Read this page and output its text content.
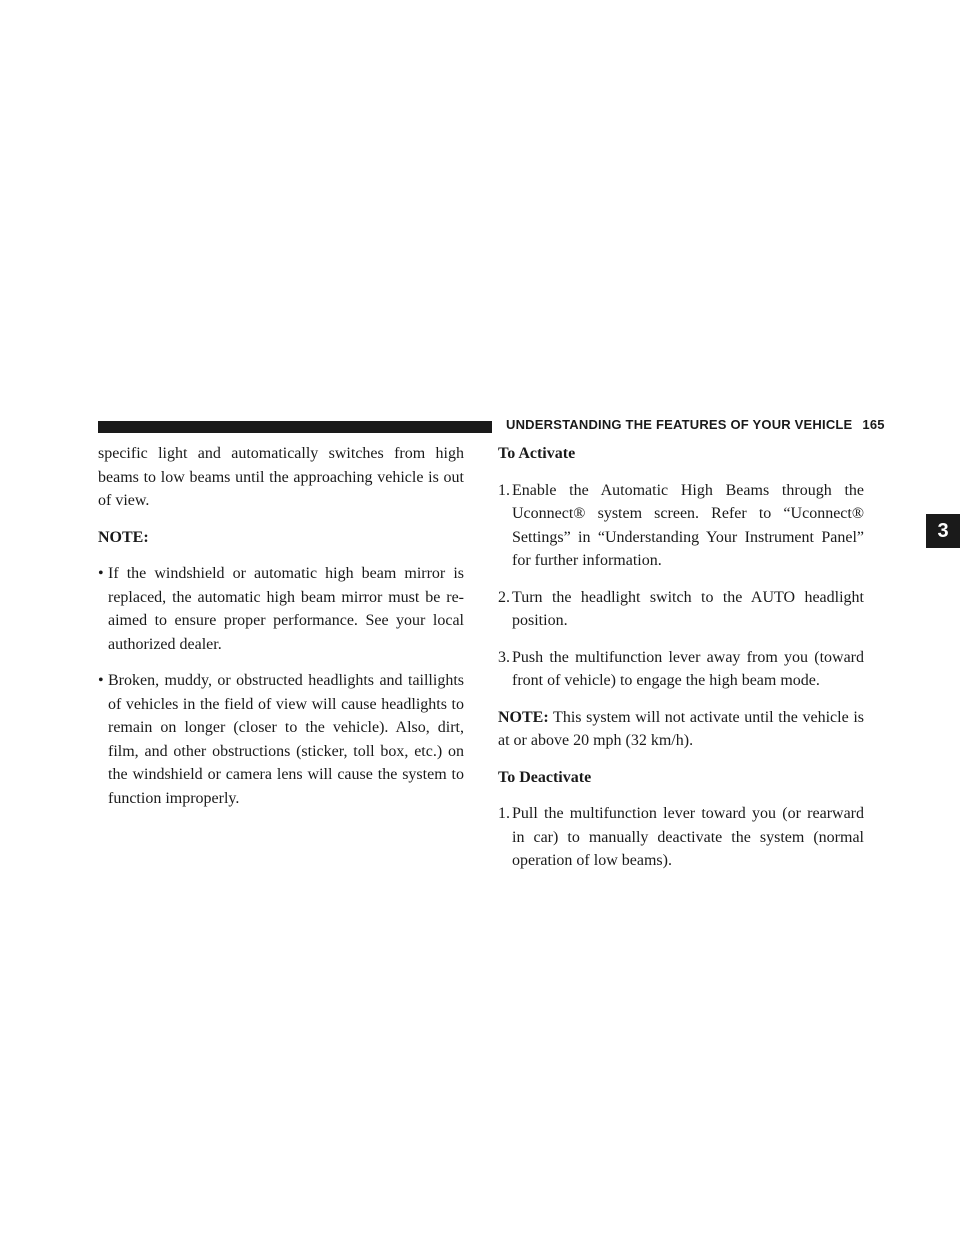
UNDERSTANDING THE FEATURES OF YOUR VEHICLE 165
3

specific light and automatically switches from high beams to low beams until the approaching vehicle is out of view.

NOTE:

• If the windshield or automatic high beam mirror is replaced, the automatic high beam mirror must be re-aimed to ensure proper performance. See your local authorized dealer.
• Broken, muddy, or obstructed headlights and taillights of vehicles in the field of view will cause headlights to remain on longer (closer to the vehicle). Also, dirt, film, and other obstructions (sticker, toll box, etc.) on the windshield or camera lens will cause the system to function improperly.

To Activate

1. Enable the Automatic High Beams through the Uconnect® system screen. Refer to “Uconnect® Settings” in “Understanding Your Instrument Panel” for further information.
2. Turn the headlight switch to the AUTO headlight position.
3. Push the multifunction lever away from you (toward front of vehicle) to engage the high beam mode.

NOTE: This system will not activate until the vehicle is at or above 20 mph (32 km/h).

To Deactivate

1. Pull the multifunction lever toward you (or rearward in car) to manually deactivate the system (normal operation of low beams).
